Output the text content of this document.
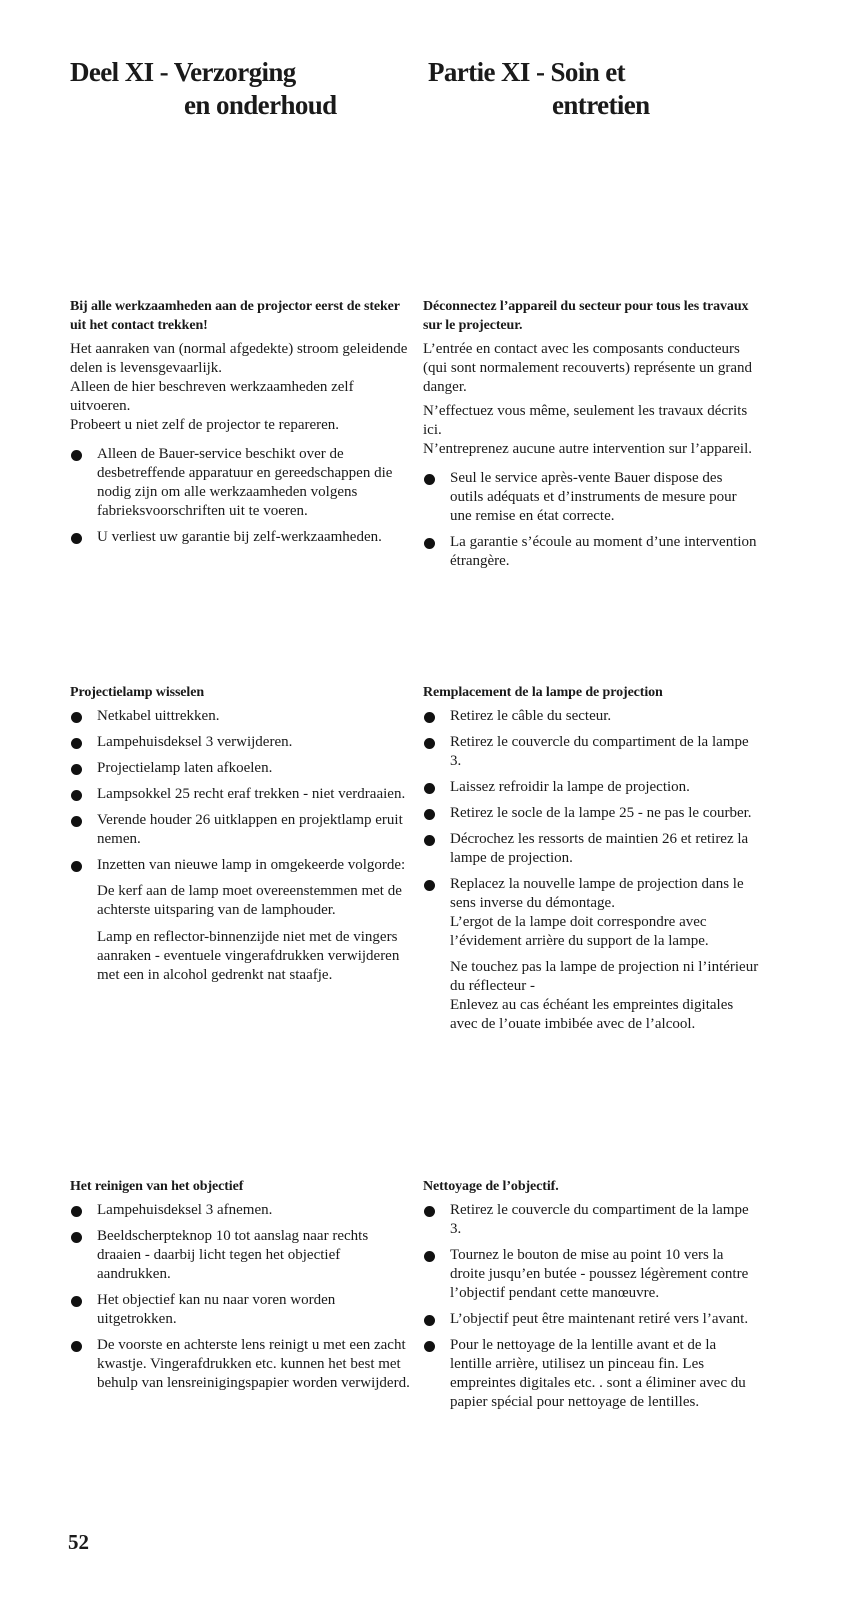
Deel XI - Verzorging
en onderhoud
Partie XI - Soin et
entretien

Bij alle werkzaamheden aan de projector eerst de steker uit het contact trekken!

Het aanraken van (normal afgedekte) stroom geleidende delen is levensgevaarlijk.

Alleen de hier beschreven werkzaamheden zelf uitvoeren.

Probeert u niet zelf de projector te repareren.

Alleen de Bauer-service beschikt over de desbetreffende apparatuur en gereedschappen die nodig zijn om alle werkzaamheden volgens fabrieksvoorschriften uit te voeren.
U verliest uw garantie bij zelf-werkzaamheden.

Déconnectez l’appareil du secteur pour tous les travaux sur le projecteur.

L’entrée en contact avec les composants conducteurs (qui sont normalement recouverts) représente un grand danger.

N’effectuez vous même, seulement les travaux décrits ici.

N’entreprenez aucune autre intervention sur l’appareil.

Seul le service après-vente Bauer dispose des outils adéquats et d’instruments de mesure pour une remise en état correcte.
La garantie s’écoule au moment d’une intervention étrangère.

Projectielamp wisselen

Netkabel uittrekken.
Lampehuisdeksel 3 verwijderen.
Projectielamp laten afkoelen.
Lampsokkel 25 recht eraf trekken - niet verdraaien.
Verende houder 26 uitklappen en projektlamp eruit nemen.
Inzetten van nieuwe lamp in omgekeerde volgorde:

De kerf aan de lamp moet overeenstemmen met de achterste uitsparing van de lamphouder.

Lamp en reflector-binnenzijde niet met de vingers aanraken - eventuele vingerafdrukken verwijderen met een in alcohol gedrenkt nat staafje.

Remplacement de la lampe de projection

Retirez le câble du secteur.
Retirez le couvercle du compartiment de la lampe 3.
Laissez refroidir la lampe de projection.
Retirez le socle de la lampe 25 - ne pas le courber.
Décrochez les ressorts de maintien 26 et retirez la lampe de projection.
Replacez la nouvelle lampe de projection dans le sens inverse du démontage.
L’ergot de la lampe doit correspondre avec l’évidement arrière du support de la lampe.

Ne touchez pas la lampe de projection ni l’intérieur du réflecteur -
Enlevez au cas échéant les empreintes digitales avec de l’ouate imbibée avec de l’alcool.

Het reinigen van het objectief

Lampehuisdeksel 3 afnemen.
Beeldscherpteknop 10 tot aanslag naar rechts draaien - daarbij licht tegen het objectief aandrukken.
Het objectief kan nu naar voren worden uitgetrokken.
De voorste en achterste lens reinigt u met een zacht kwastje. Vingerafdrukken etc. kunnen het best met behulp van lensreinigingspapier worden verwijderd.

Nettoyage de l’objectif.

Retirez le couvercle du compartiment de la lampe 3.
Tournez le bouton de mise au point 10 vers la droite jusqu’en butée - poussez légèrement contre l’objectif pendant cette manœuvre.
L’objectif peut être maintenant retiré vers l’avant.
Pour le nettoyage de la lentille avant et de la lentille arrière, utilisez un pinceau fin. Les empreintes digitales etc. . sont a éliminer avec du papier spécial pour nettoyage de lentilles.
52
